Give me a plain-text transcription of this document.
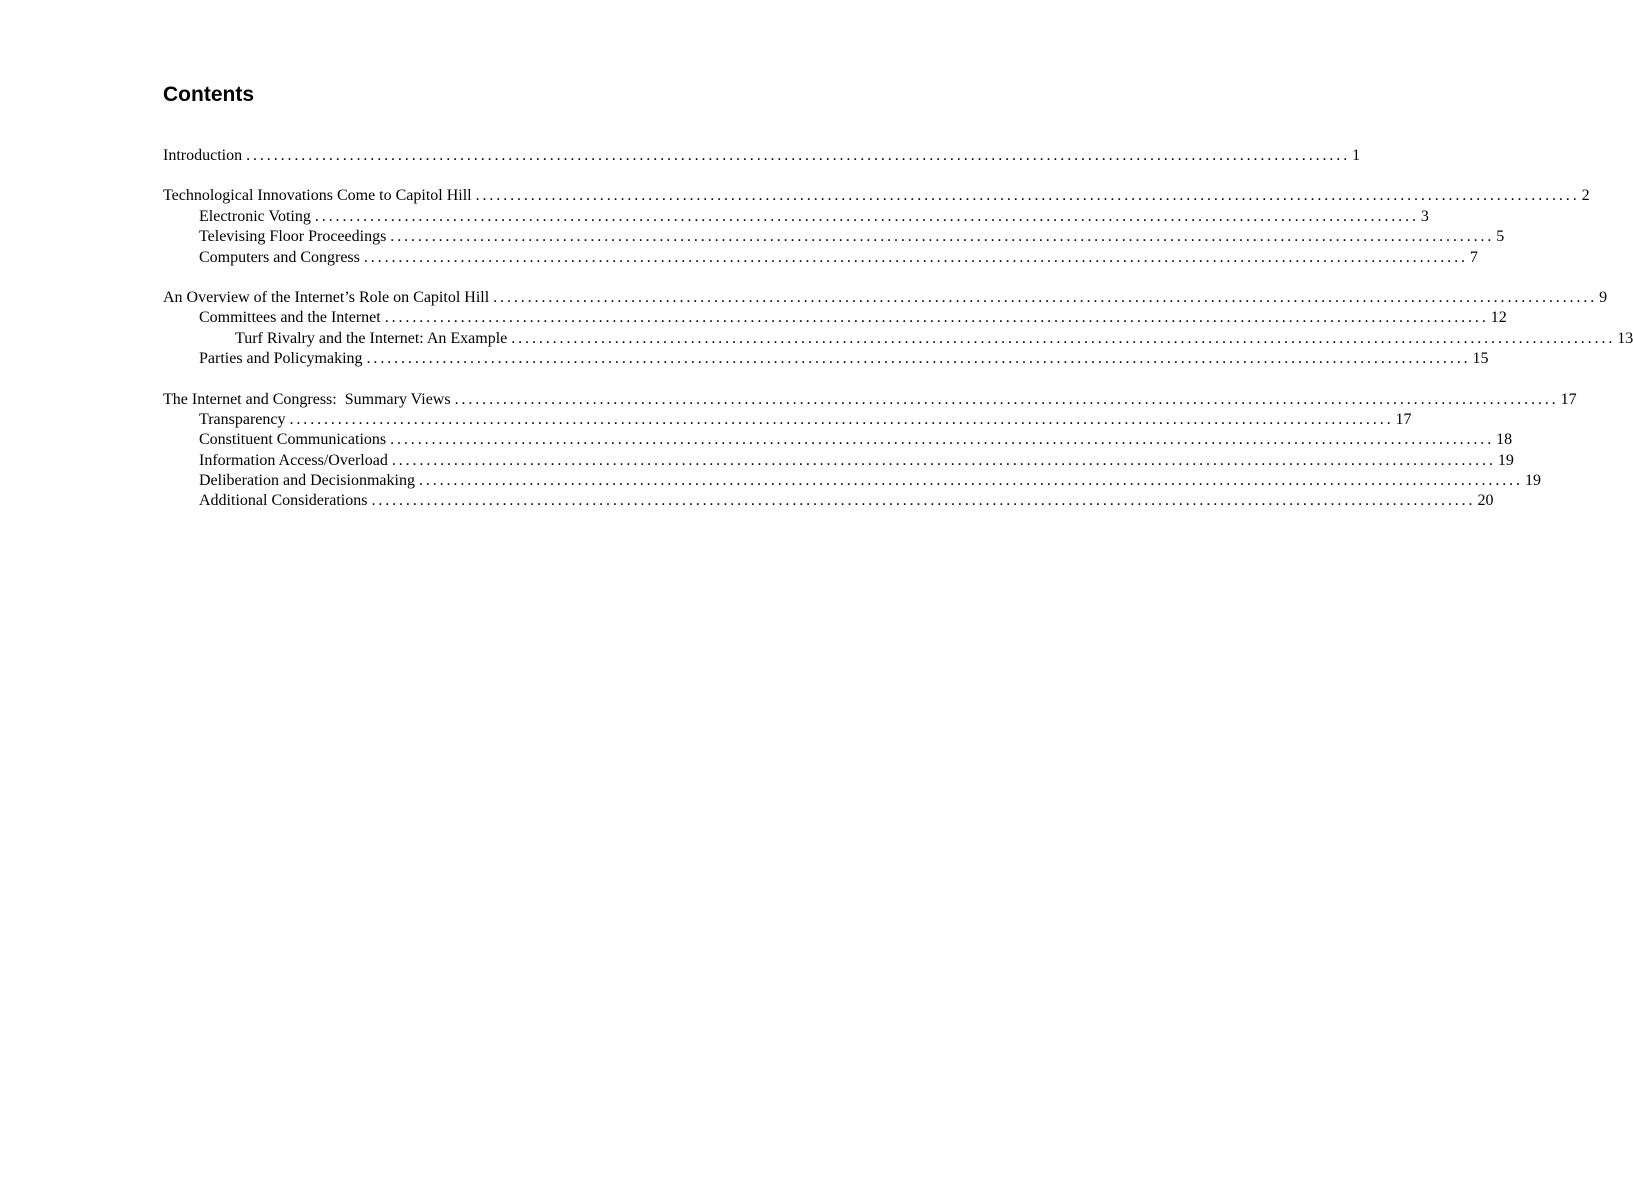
Contents
Introduction ................................................................................................................................................................ 1
Technological Innovations Come to Capitol Hill ................................................................................................................................................................ 2
Electronic Voting ................................................................................................................................................................ 3
Televising Floor Proceedings ................................................................................................................................................................ 5
Computers and Congress ................................................................................................................................................................ 7
An Overview of the Internet’s Role on Capitol Hill ................................................................................................................................................................ 9
Committees and the Internet ................................................................................................................................................................ 12
Turf Rivalry and the Internet: An Example ................................................................................................................................................................ 13
Parties and Policymaking ................................................................................................................................................................ 15
The Internet and Congress:  Summary Views ................................................................................................................................................................ 17
Transparency ................................................................................................................................................................ 17
Constituent Communications ................................................................................................................................................................ 18
Information Access/Overload ................................................................................................................................................................ 19
Deliberation and Decisionmaking ................................................................................................................................................................ 19
Additional Considerations ................................................................................................................................................................ 20
